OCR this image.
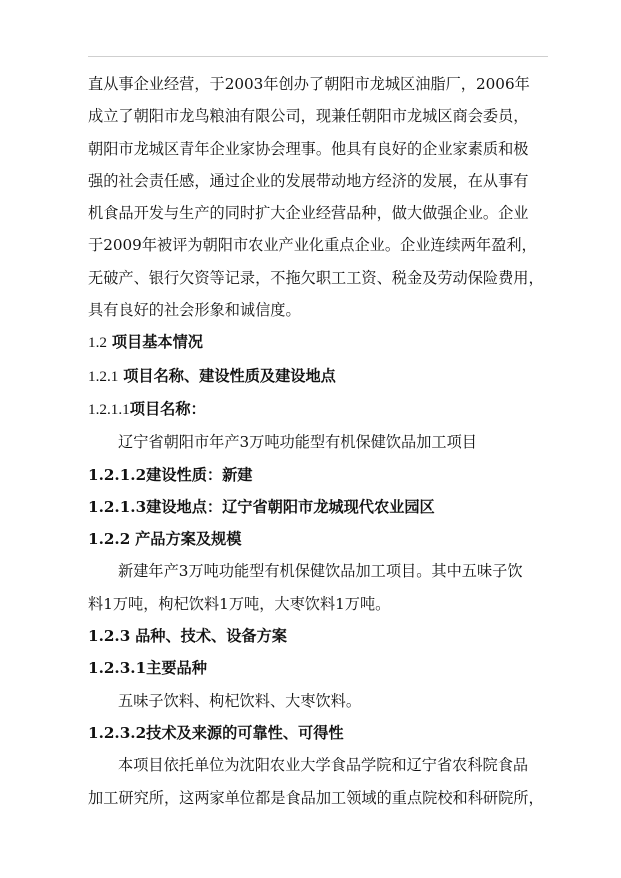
直从事企业经营，于2003年创办了朝阳市龙城区油脂厂，2006年
成立了朝阳市龙鸟粮油有限公司，现兼任朝阳市龙城区商会委员，
朝阳市龙城区青年企业家协会理事。他具有良好的企业家素质和极
强的社会责任感，通过企业的发展带动地方经济的发展，在从事有
机食品开发与生产的同时扩大企业经营品种，做大做强企业。企业
于2009年被评为朝阳市农业产业化重点企业。企业连续两年盈利，
无破产、银行欠资等记录，不拖欠职工工资、税金及劳动保险费用，
具有良好的社会形象和诚信度。
1.2 项目基本情况
1.2.1 项目名称、建设性质及建设地点
1.2.1.1项目名称：
辽宁省朝阳市年产3万吨功能型有机保健饮品加工项目
1.2.1.2建设性质：新建
1.2.1.3建设地点：辽宁省朝阳市龙城现代农业园区
1.2.2 产品方案及规模
新建年产3万吨功能型有机保健饮品加工项目。其中五味子饮
料1万吨，枸杞饮料1万吨，大枣饮料1万吨。
1.2.3 品种、技术、设备方案
1.2.3.1主要品种
五味子饮料、枸杞饮料、大枣饮料。
1.2.3.2技术及来源的可靠性、可得性
本项目依托单位为沈阳农业大学食品学院和辽宁省农科院食品
加工研究所，这两家单位都是食品加工领域的重点院校和科研院所，
